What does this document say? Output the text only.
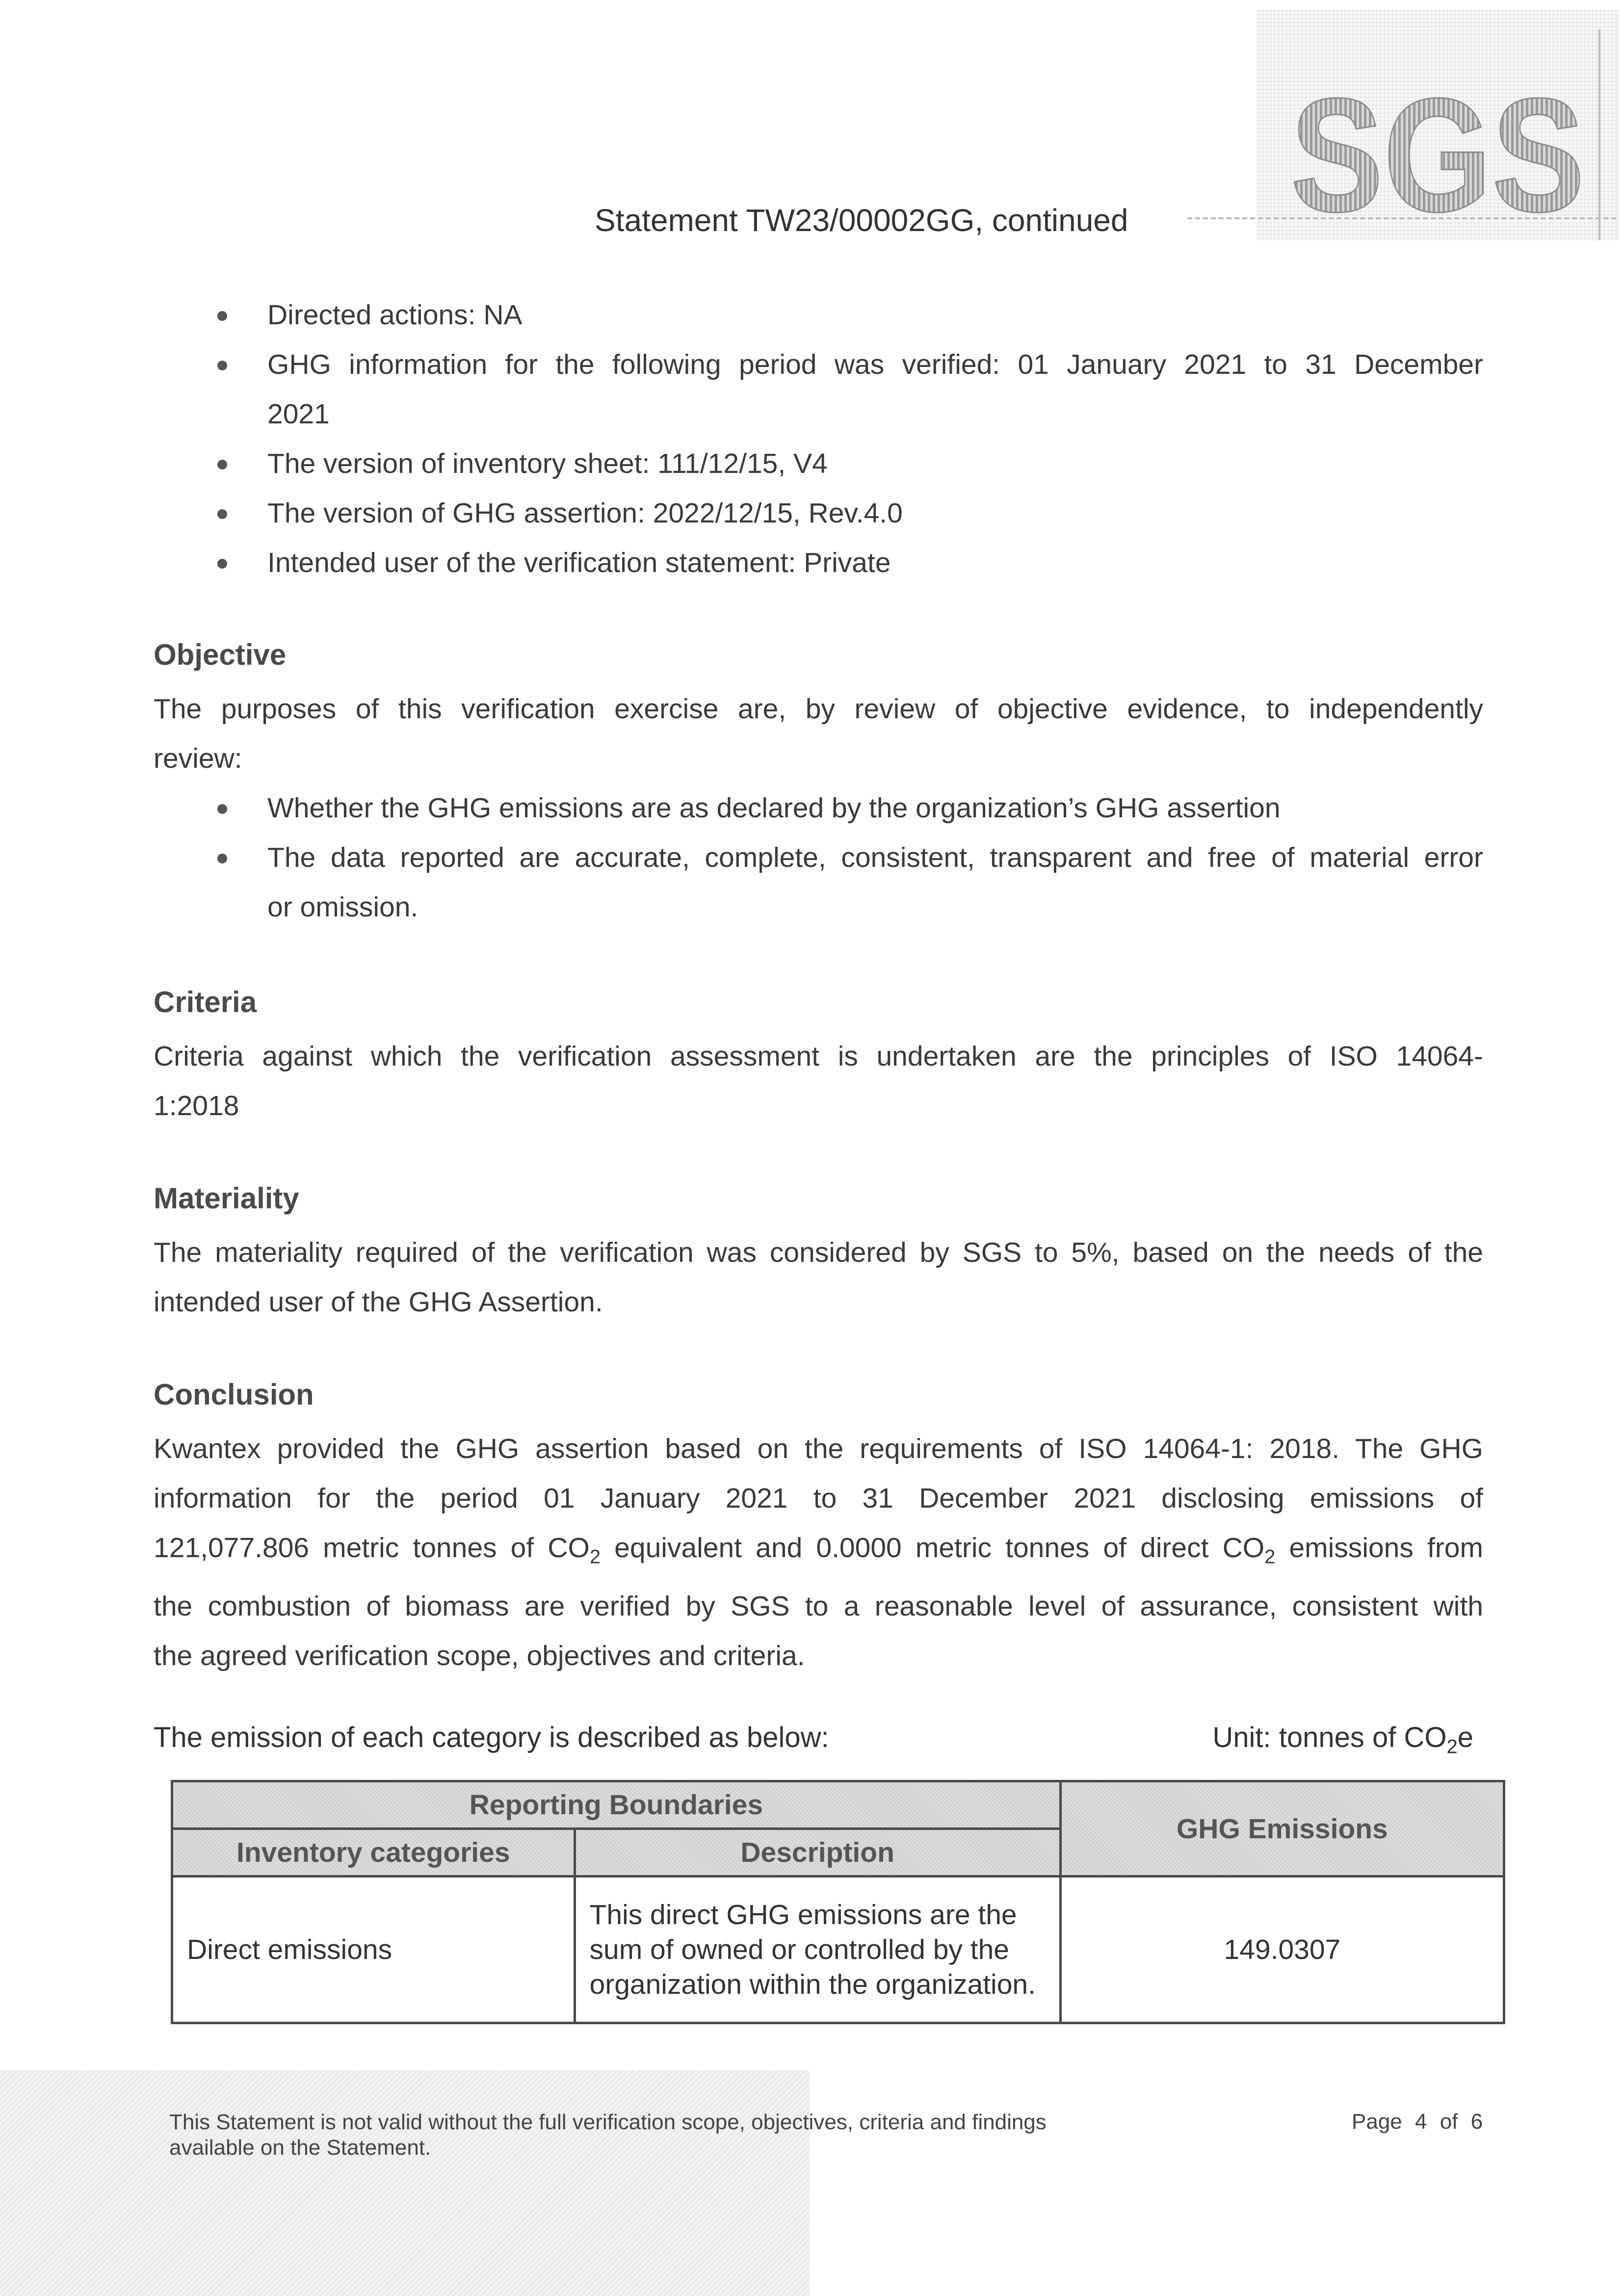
SGS
Statement TW23/00002GG, continued
Directed actions: NA
GHG information for the following period was verified: 01 January 2021 to 31 December
2021
The version of inventory sheet: 111/12/15, V4
The version of GHG assertion: 2022/12/15, Rev.4.0
Intended user of the verification statement: Private
Objective
The purposes of this verification exercise are, by review of objective evidence, to independently
review:
Whether the GHG emissions are as declared by the organization’s GHG assertion
The data reported are accurate, complete, consistent, transparent and free of material error
or omission.
Criteria
Criteria against which the verification assessment is undertaken are the principles of ISO 14064-
1:2018
Materiality
The materiality required of the verification was considered by SGS to 5%, based on the needs of the
intended user of the GHG Assertion.
Conclusion
Kwantex provided the GHG assertion based on the requirements of ISO 14064-1: 2018. The GHG
information for the period 01 January 2021 to 31 December 2021 disclosing emissions of
121,077.806 metric tonnes of $CO_2$ equivalent and 0.0000 metric tonnes of direct $CO_2$ emissions from
the combustion of biomass are verified by SGS to a reasonable level of assurance, consistent with
the agreed verification scope, objectives and criteria.
The emission of each category is described as below:	Unit: tonnes of $CO_2e$
Reporting Boundaries		GHG Emissions
Inventory categories	Description	
Direct emissions	This direct GHG emissions are the sum of owned or controlled by the organization within the organization.	149.0307
This Statement is not valid without the full verification scope, objectives, criteria and findings available on the Statement.
Page 4 of 6
